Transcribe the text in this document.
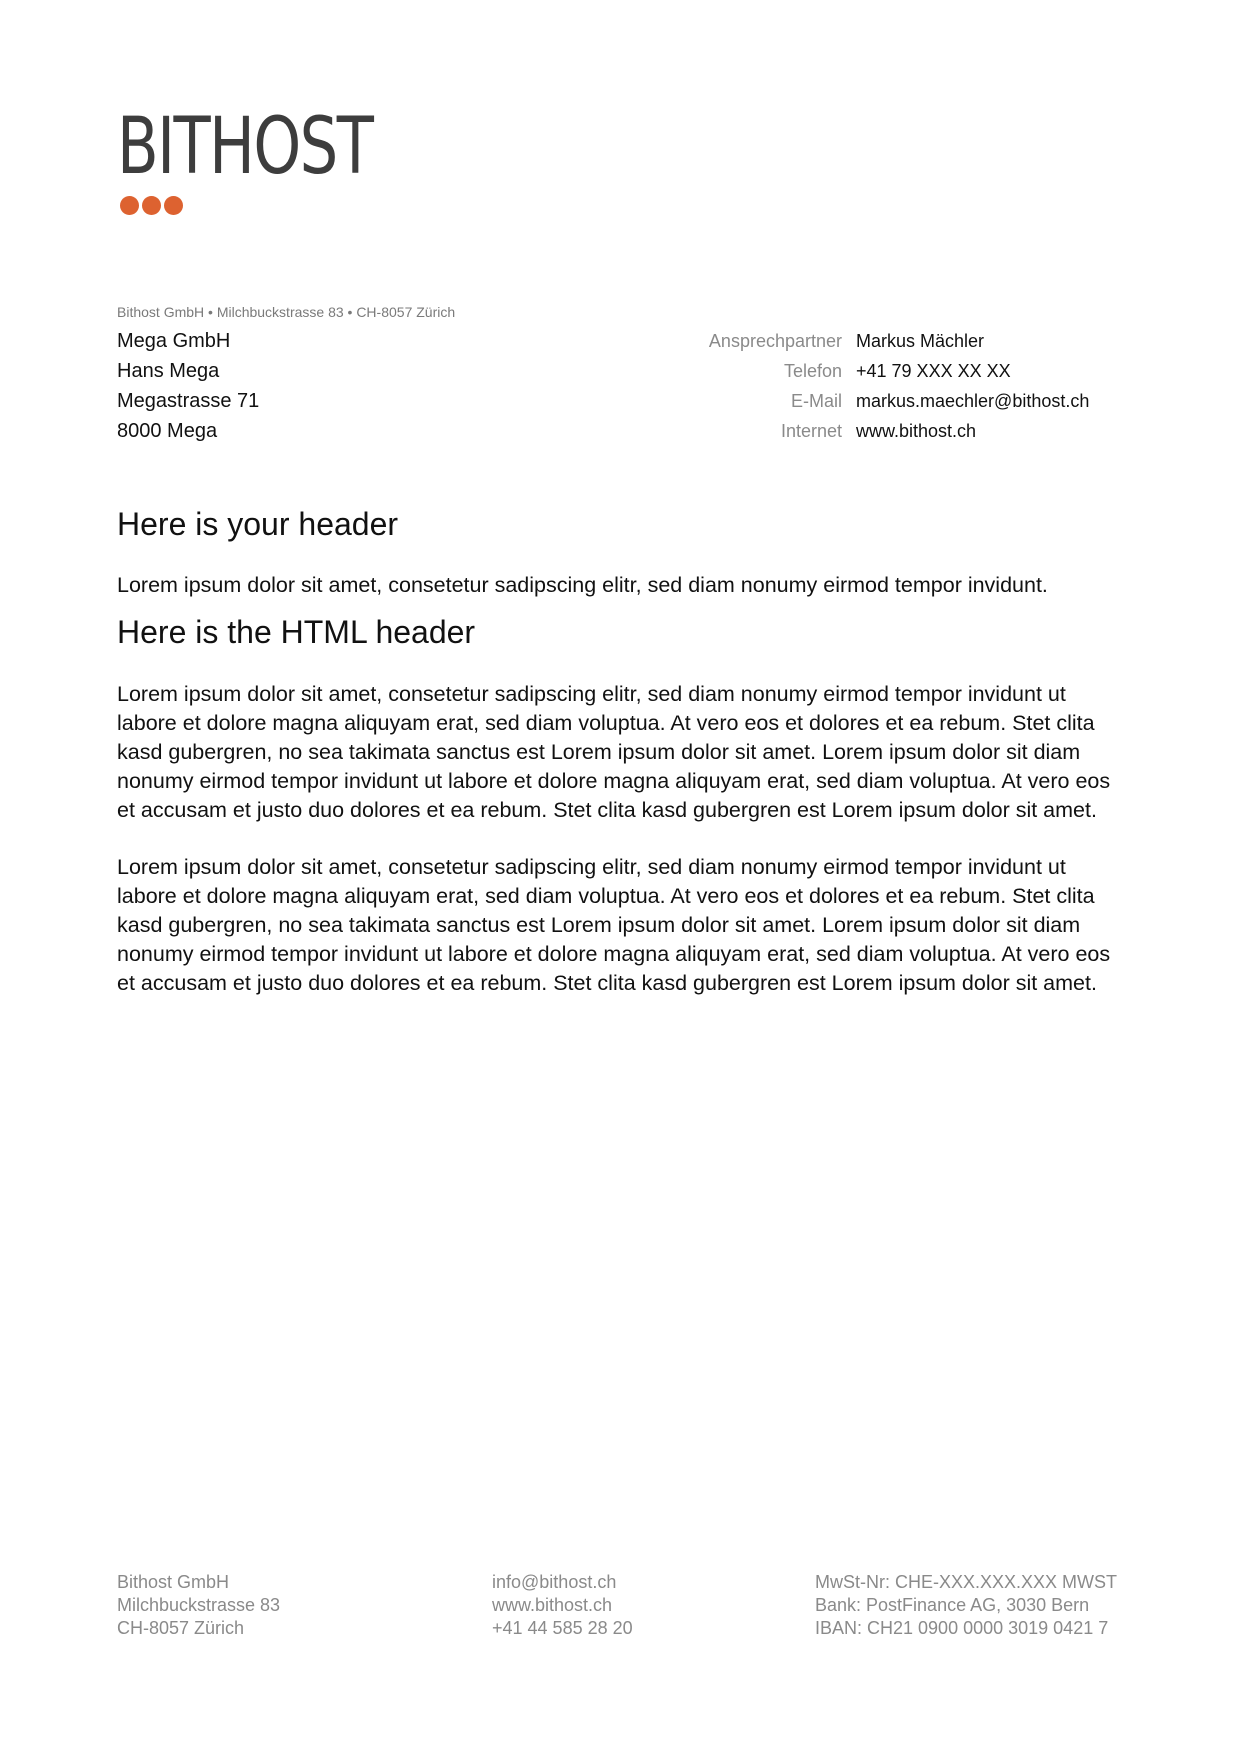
BITHOST
Bithost GmbH • Milchbuckstrasse 83 • CH-8057 Zürich
Mega GmbH
Hans Mega
Megastrasse 71
8000 Mega
Ansprechpartner Markus Mächler
Telefon +41 79 XXX XX XX
E-Mail markus.maechler@bithost.ch
Internet www.bithost.ch
Here is your header

Lorem ipsum dolor sit amet, consetetur sadipscing elitr, sed diam nonumy eirmod tempor invidunt.

Here is the HTML header

Lorem ipsum dolor sit amet, consetetur sadipscing elitr, sed diam nonumy eirmod tempor invidunt ut labore et dolore magna aliquyam erat, sed diam voluptua. At vero eos et dolores et ea rebum. Stet clita kasd gubergren, no sea takimata sanctus est Lorem ipsum dolor sit amet. Lorem ipsum dolor sit diam nonumy eirmod tempor invidunt ut labore et dolore magna aliquyam erat, sed diam voluptua. At vero eos et accusam et justo duo dolores et ea rebum. Stet clita kasd gubergren est Lorem ipsum dolor sit amet.

Lorem ipsum dolor sit amet, consetetur sadipscing elitr, sed diam nonumy eirmod tempor invidunt ut labore et dolore magna aliquyam erat, sed diam voluptua. At vero eos et dolores et ea rebum. Stet clita kasd gubergren, no sea takimata sanctus est Lorem ipsum dolor sit amet. Lorem ipsum dolor sit diam nonumy eirmod tempor invidunt ut labore et dolore magna aliquyam erat, sed diam voluptua. At vero eos et accusam et justo duo dolores et ea rebum. Stet clita kasd gubergren est Lorem ipsum dolor sit amet.

Bithost GmbH
Milchbuckstrasse 83
CH-8057 Zürich
info@bithost.ch
www.bithost.ch
+41 44 585 28 20
MwSt-Nr: CHE-XXX.XXX.XXX MWST
Bank: PostFinance AG, 3030 Bern
IBAN: CH21 0900 0000 3019 0421 7
